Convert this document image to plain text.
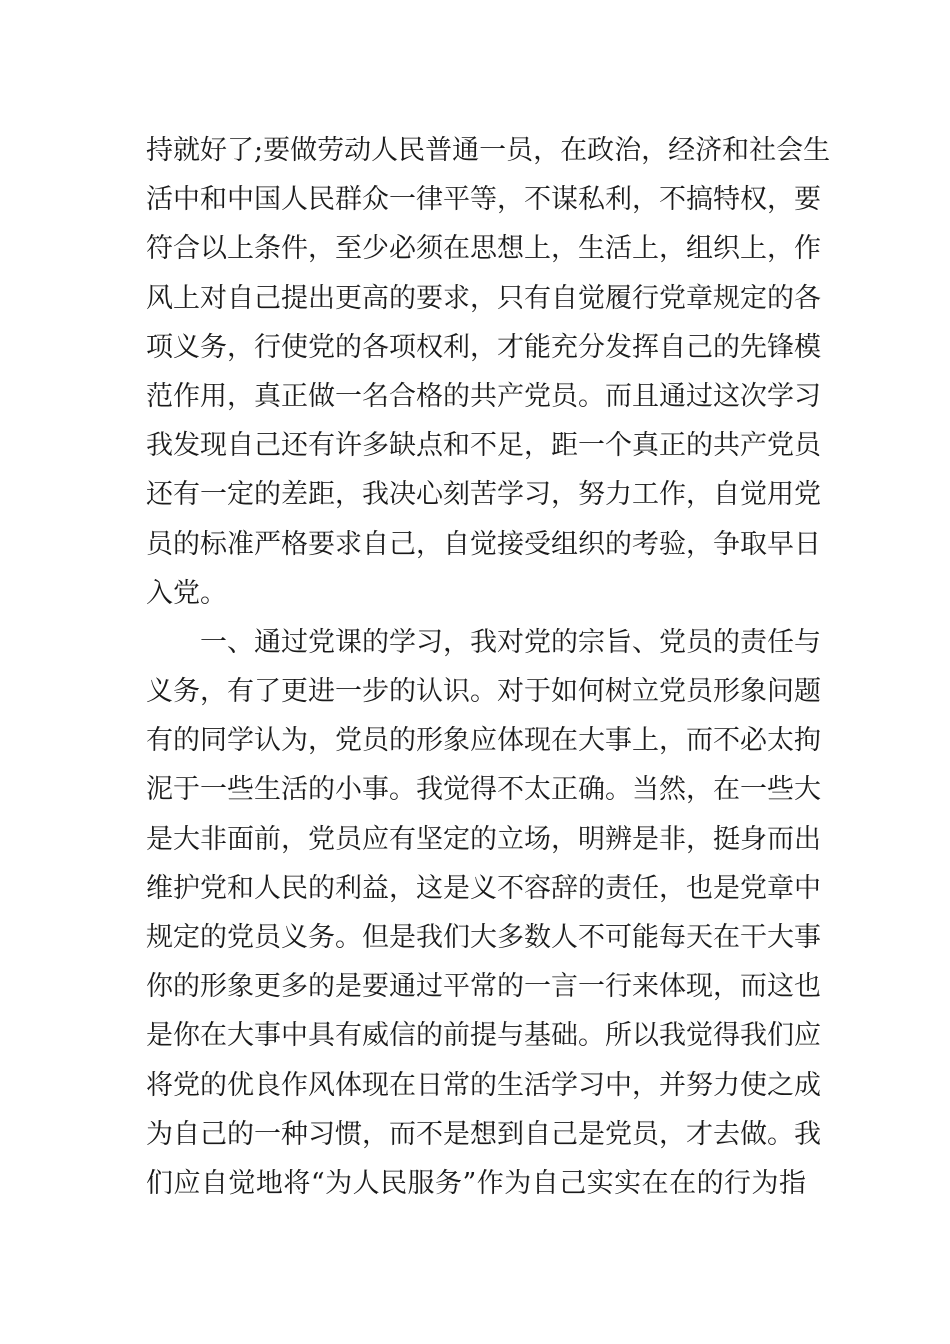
持就好了;要做劳动人民普通一员，在政治，经济和社会生
活中和中国人民群众一律平等，不谋私利，不搞特权，要
符合以上条件，至少必须在思想上，生活上，组织上，作
风上对自己提出更高的要求，只有自觉履行党章规定的各
项义务，行使党的各项权利，才能充分发挥自己的先锋模
范作用，真正做一名合格的共产党员。而且通过这次学习
我发现自己还有许多缺点和不足，距一个真正的共产党员
还有一定的差距，我决心刻苦学习，努力工作，自觉用党
员的标准严格要求自己，自觉接受组织的考验，争取早日
入党。
一、通过党课的学习，我对党的宗旨、党员的责任与
义务，有了更进一步的认识。对于如何树立党员形象问题
有的同学认为，党员的形象应体现在大事上，而不必太拘
泥于一些生活的小事。我觉得不太正确。当然，在一些大
是大非面前，党员应有坚定的立场，明辨是非，挺身而出
维护党和人民的利益，这是义不容辞的责任，也是党章中
规定的党员义务。但是我们大多数人不可能每天在干大事
你的形象更多的是要通过平常的一言一行来体现，而这也
是你在大事中具有威信的前提与基础。所以我觉得我们应
将党的优良作风体现在日常的生活学习中，并努力使之成
为自己的一种习惯，而不是想到自己是党员，才去做。我
们应自觉地将“为人民服务”作为自己实实在在的行为指
